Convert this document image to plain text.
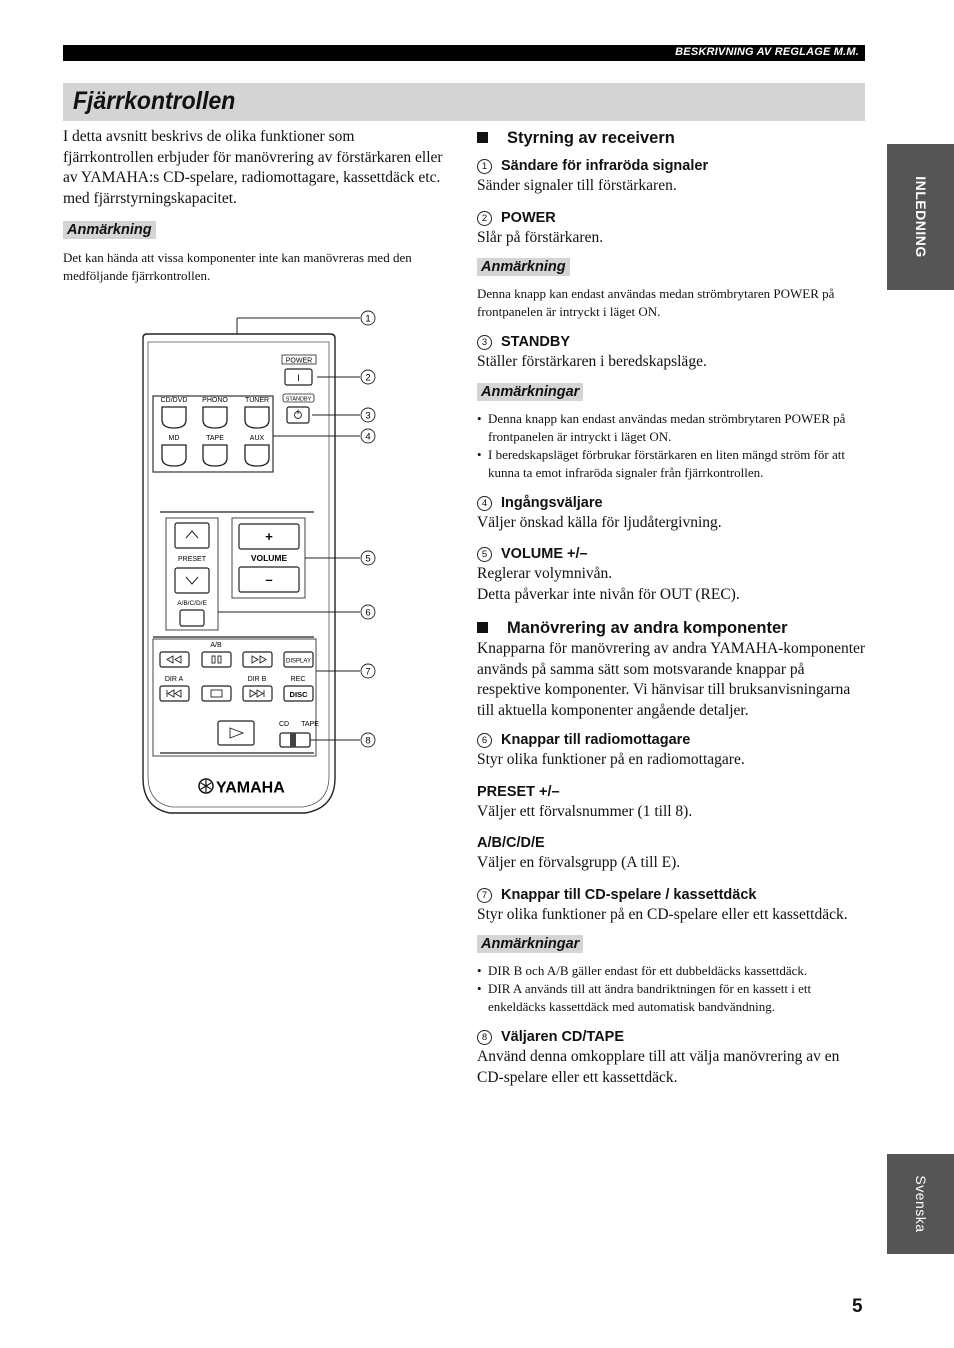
BESKRIVNING AV REGLAGE M.M.
Fjärrkontrollen
INLEDNING
Svenska
5

I detta avsnitt beskrivs de olika funktioner som fjärrkontrollen erbjuder för manövrering av förstärkaren eller av YAMAHA:s CD-spelare, radiomottagare, kassettdäck etc. med fjärrstyrningskapacitet.

Anmärkning

Det kan hända att vissa komponenter inte kan manövreras med den medföljande fjärrkontrollen.

POWER
I
STANDBY
CD/DVD PHONO TUNER
MD	TAPE	AUX
PRESET
A/B/C/D/E
+
VOLUME
–
A/B
DISPLAY
DIR A	DIR B	REC
DISC
CD TAPE
YAMAHA
1
2
3
4
5
6
7
8
Styrning av receivern
1 Sändare för infraröda signaler

Sänder signaler till förstärkaren.

2 POWER

Slår på förstärkaren.

Anmärkning

Denna knapp kan endast användas medan strömbrytaren POWER på frontpanelen är intryckt i läget ON.

3 STANDBY

Ställer förstärkaren i beredskapsläge.

Anmärkningar
• Denna knapp kan endast användas medan strömbrytaren POWER på frontpanelen är intryckt i läget ON.
• I beredskapsläget förbrukar förstärkaren en liten mängd ström för att kunna ta emot infraröda signaler från fjärrkontrollen.
4 Ingångsväljare

Väljer önskad källa för ljudåtergivning.

5 VOLUME +/–

Reglerar volymnivån.

Detta påverkar inte nivån för OUT (REC).

Manövrering av andra komponenter

Knapparna för manövrering av andra YAMAHA-komponenter används på samma sätt som motsvarande knappar på respektive komponenter. Vi hänvisar till bruksanvisningarna till aktuella komponenter angående detaljer.

6 Knappar till radiomottagare

Styr olika funktioner på en radiomottagare.

PRESET +/–

Väljer ett förvalsnummer (1 till 8).

A/B/C/D/E

Väljer en förvalsgrupp (A till E).

7 Knappar till CD-spelare / kassettdäck

Styr olika funktioner på en CD-spelare eller ett kassettdäck.

Anmärkningar
• DIR B och A/B gäller endast för ett dubbeldäcks kassettdäck.
• DIR A används till att ändra bandriktningen för en kassett i ett enkeldäcks kassettdäck med automatisk bandvändning.
8 Väljaren CD/TAPE

Använd denna omkopplare till att välja manövrering av en CD-spelare eller ett kassettdäck.
